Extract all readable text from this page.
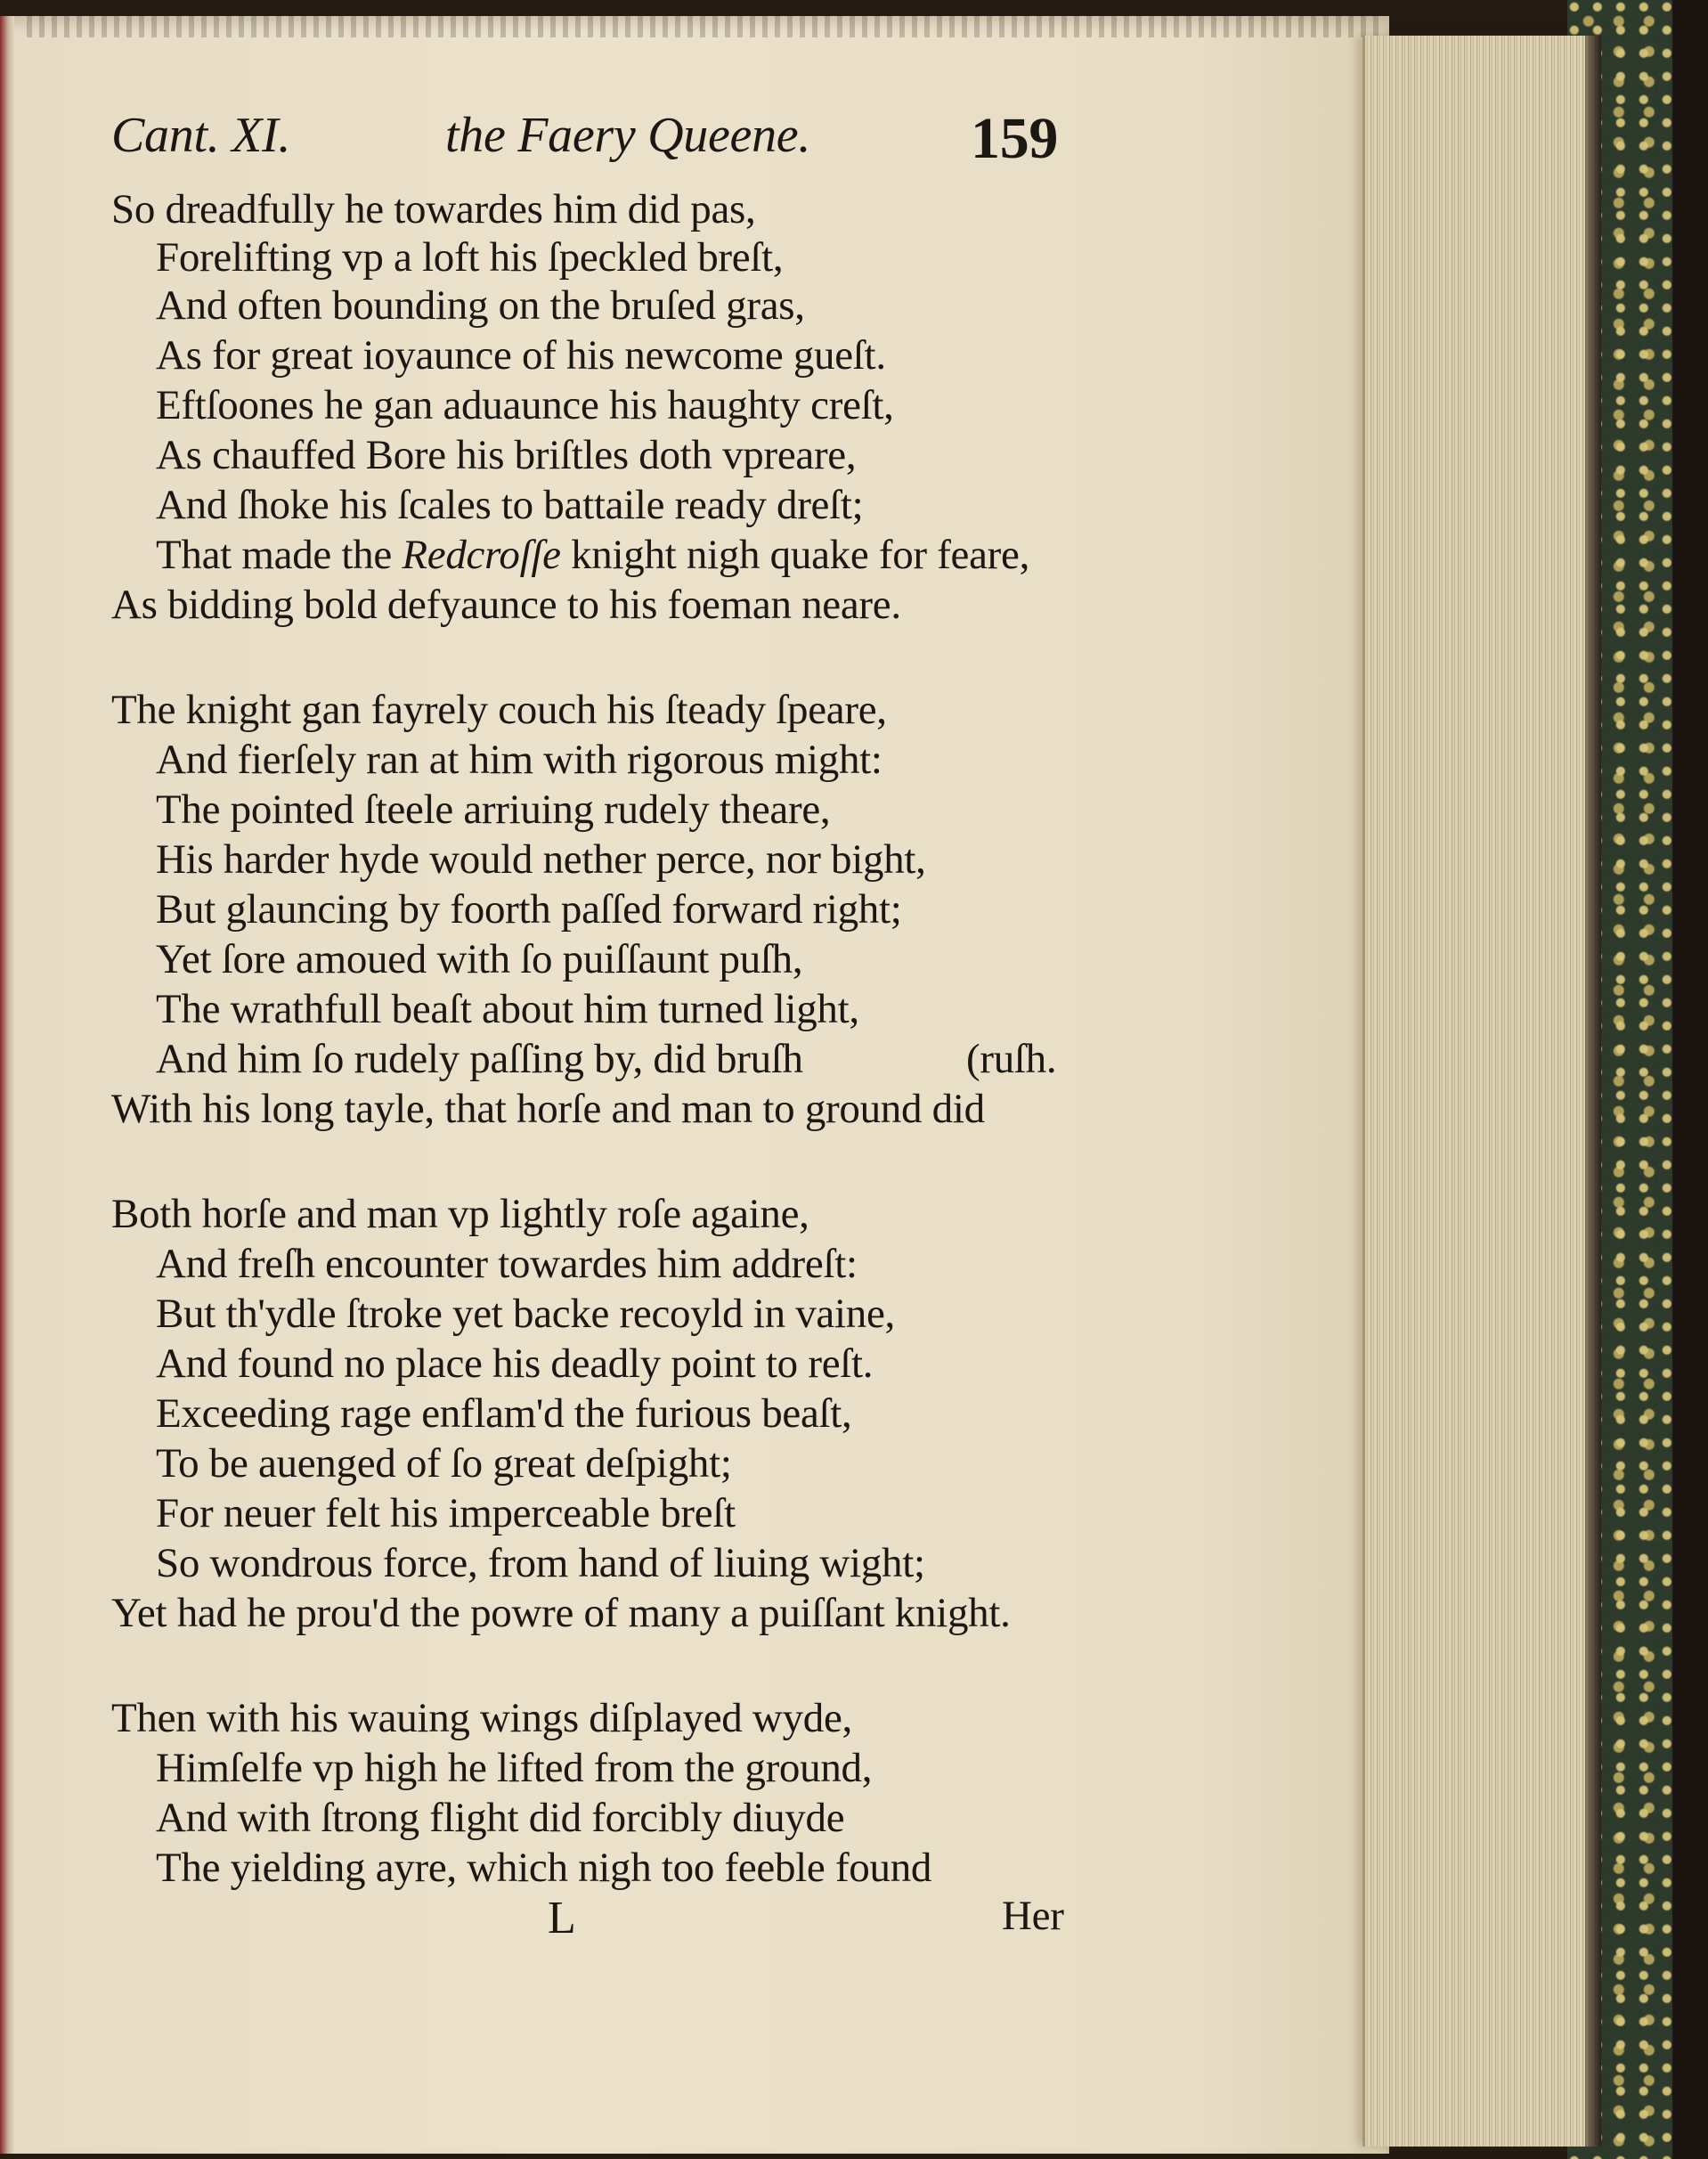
Cant. XI.	the Faery Queene.	159
So dreadfully he towardes him did pas,
Forelifting vp a loft his ſpeckled breſt,
And often bounding on the bruſed gras,
As for great ioyaunce of his newcome gueſt.
Eftſoones he gan aduaunce his haughty creſt,
As chauffed Bore his briſtles doth vpreare,
And ſhoke his ſcales to battaile ready dreſt;
That made the Redcroſſe knight nigh quake for feare,
As bidding bold defyaunce to his foeman neare.
The knight gan fayrely couch his ſteady ſpeare,
And fierſely ran at him with rigorous might:
The pointed ſteele arriuing rudely theare,
His harder hyde would nether perce, nor bight,
But glauncing by foorth paſſed forward right;
Yet ſore amoued with ſo puiſſaunt puſh,
The wrathfull beaſt about him turned light,
And him ſo rudely paſſing by, did bruſh	(ruſh.
With his long tayle, that horſe and man to ground did
Both horſe and man vp lightly roſe againe,
And freſh encounter towardes him addreſt:
But th'ydle ſtroke yet backe recoyld in vaine,
And found no place his deadly point to reſt.
Exceeding rage enflam'd the furious beaſt,
To be auenged of ſo great deſpight;
For neuer felt his imperceable breſt
So wondrous force, from hand of liuing wight;
Yet had he prou'd the powre of many a puiſſant knight.
Then with his wauing wings diſplayed wyde,
Himſelfe vp high he lifted from the ground,
And with ſtrong flight did forcibly diuyde
The yielding ayre, which nigh too feeble found
L	Her
